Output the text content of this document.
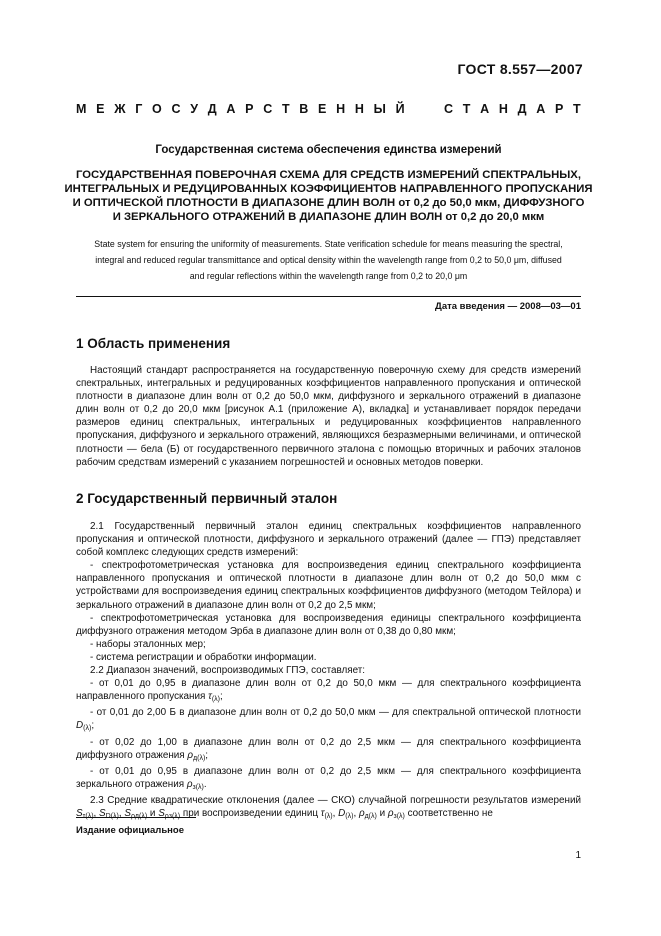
ГОСТ 8.557—2007
М Е Ж Г О С У Д А Р С Т В Е Н Н Ы Й	С Т А Н Д А Р Т
Государственная система обеспечения единства измерений
ГОСУДАРСТВЕННАЯ ПОВЕРОЧНАЯ СХЕМА ДЛЯ СРЕДСТВ ИЗМЕРЕНИЙ СПЕКТРАЛЬНЫХ,
ИНТЕГРАЛЬНЫХ И РЕДУЦИРОВАННЫХ КОЭФФИЦИЕНТОВ НАПРАВЛЕННОГО ПРОПУСКАНИЯ
И ОПТИЧЕСКОЙ ПЛОТНОСТИ В ДИАПАЗОНЕ ДЛИН ВОЛН от 0,2 до 50,0 мкм, ДИФФУЗНОГО
И ЗЕРКАЛЬНОГО ОТРАЖЕНИЙ В ДИАПАЗОНЕ ДЛИН ВОЛН от 0,2 до 20,0 мкм
State system for ensuring the uniformity of measurements. State verification schedule for means measuring the spectral,
integral and reduced regular transmittance and optical density within the wavelength range from 0,2 to 50,0 μm, diffused
and regular reflections within the wavelength range from 0,2 to 20,0 μm
Дата введения — 2008—03—01
1 Область применения

Настоящий стандарт распространяется на государственную поверочную схему для средств измерений спектральных, интегральных и редуцированных коэффициентов направленного пропускания и оптической плотности в диапазоне длин волн от 0,2 до 50,0 мкм, диффузного и зеркального отражений в диапазоне длин волн от 0,2 до 20,0 мкм [рисунок А.1 (приложение А), вкладка] и устанавливает порядок передачи размеров единиц спектральных, интегральных и редуцированных коэффициентов направленного пропускания, диффузного и зеркального отражений, являющихся безразмерными величинами, и оптической плотности — бела (Б) от государственного первичного эталона с помощью вторичных и рабочих эталонов рабочим средствам измерений с указанием погрешностей и основных методов поверки.

2 Государственный первичный эталон

2.1 Государственный первичный эталон единиц спектральных коэффициентов направленного пропускания и оптической плотности, диффузного и зеркального отражений (далее — ГПЭ) представляет собой комплекс следующих средств измерений:

- спектрофотометрическая установка для воспроизведения единиц спектрального коэффициента направленного пропускания и оптической плотности в диапазоне длин волн от 0,2 до 50,0 мкм с устройствами для воспроизведения единиц спектральных коэффициентов диффузного (методом Тейлора) и зеркального отражений в диапазоне длин волн от 0,2 до 2,5 мкм;

- спектрофотометрическая установка для воспроизведения единицы спектрального коэффициента диффузного отражения методом Эрба в диапазоне длин волн от 0,38 до 0,80 мкм;

- наборы эталонных мер;

- система регистрации и обработки информации.

2.2 Диапазон значений, воспроизводимых ГПЭ, составляет:

- от 0,01 до 0,95 в диапазоне длин волн от 0,2 до 50,0 мкм — для спектрального коэффициента направленного пропускания $\tau_{(\lambda)}$;

- от 0,01 до 2,00 Б в диапазоне длин волн от 0,2 до 50,0 мкм — для спектральной оптической плотности $D_{(\lambda)}$;

- от 0,02 до 1,00 в диапазоне длин волн от 0,2 до 2,5 мкм — для спектрального коэффициента диффузного отражения $\rho_{д(\lambda)}$;

- от 0,01 до 0,95 в диапазоне длин волн от 0,2 до 2,5 мкм — для спектрального коэффициента зеркального отражения $\rho_{з(\lambda)}$.

2.3 Средние квадратические отклонения (далее — СКО) случайной погрешности результатов измерений $S_{\tau(\lambda)}$, $S_{D(\lambda)}$, $S_{\rho д(\lambda)}$ и $S_{\rho з(\lambda)}$ при воспроизведении единиц $\tau_{(\lambda)}$, $D_{(\lambda)}$, $\rho_{д(\lambda)}$ и $\rho_{з(\lambda)}$ соответственно не

Издание официальное
1
